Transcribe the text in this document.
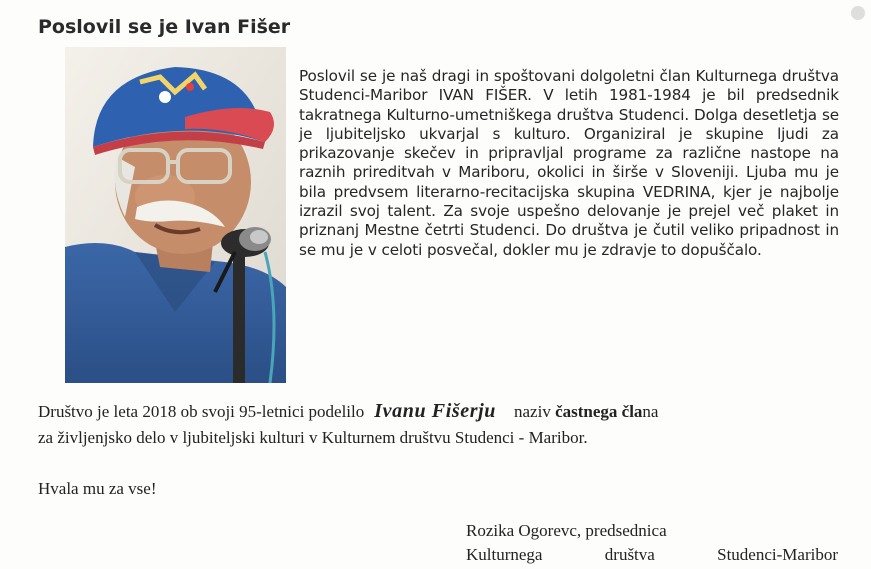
Poslovil se je Ivan Fišer

Poslovil se je naš dragi in spoštovani dolgoletni član Kulturnega društva Studenci-Maribor IVAN FIŠER. V letih 1981-1984 je bil predsednik takratnega Kulturno-umetniškega društva Studenci. Dolga desetletja se je ljubiteljsko ukvarjal s kulturo. Organiziral je skupine ljudi za prikazovanje skečev in pripravljal programe za različne nastope na raznih prireditvah v Mariboru, okolici in širše v Sloveniji. Ljuba mu je bila predvsem literarno-recitacijska skupina VEDRINA, kjer je najbolje izrazil svoj talent. Za svoje uspešno delovanje je prejel več plaket in priznanj Mestne četrti Studenci. Do društva je čutil veliko pripadnost in se mu je v celoti posvečal, dokler mu je zdravje to dopuščalo.

Društvo je leta 2018 ob svoji 95-letnici podelilo Ivanu Fišerju naziv častnega člana
za življenjsko delo v ljubiteljski kulturi v Kulturnem društvu Studenci - Maribor.
Hvala mu za vse!
Rozika Ogorevc, predsednica
Kulturnega	društva	Studenci-Maribor
